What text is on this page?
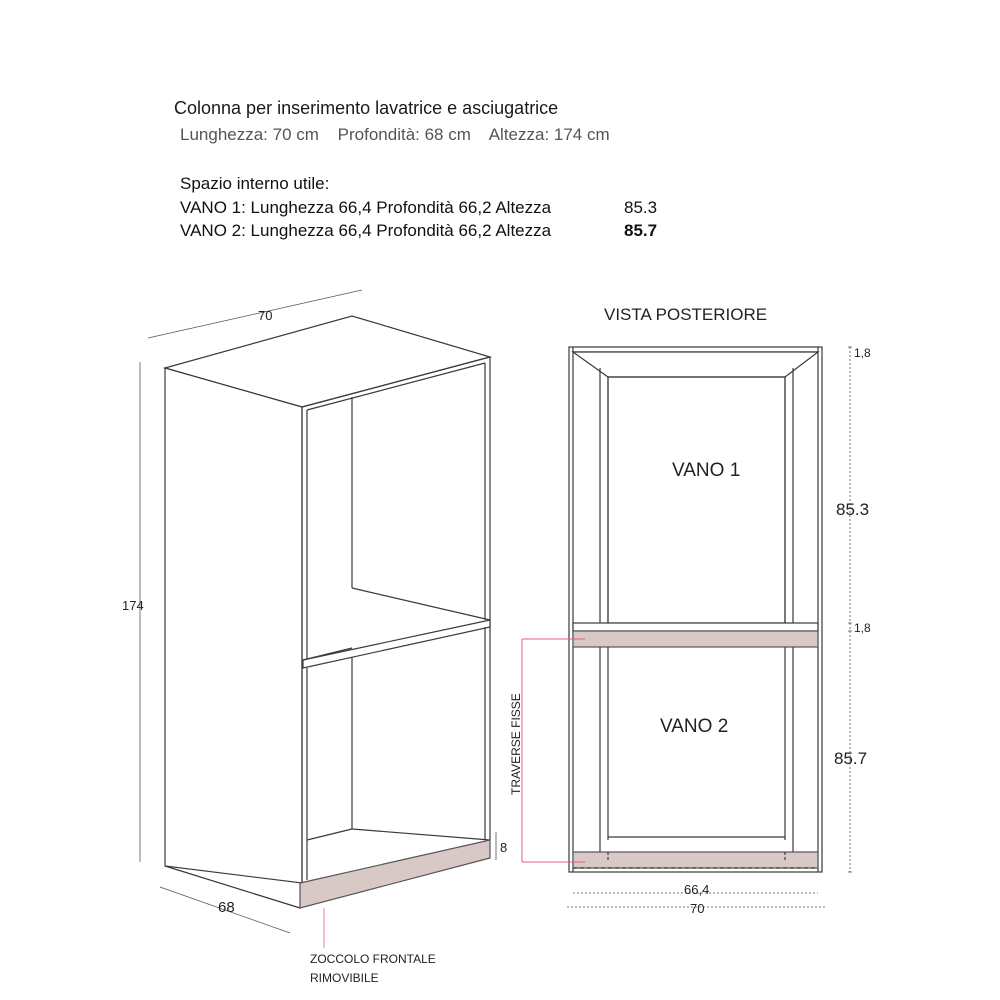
Colonna per inserimento lavatrice e asciugatrice
Lunghezza: 70 cm Profondità: 68 cm Altezza: 174 cm
Spazio interno utile:
VANO 1: Lunghezza 66,4 Profondità 66,2 Altezza	85.3
VANO 2: Lunghezza 66,4 Profondità 66,2 Altezza	85.7
70
174
68
8
ZOCCOLO FRONTALE
RIMOVIBILE
VISTA POSTERIORE
VANO 1
VANO 2
TRAVERSE FISSE
1,8
85.3
1,8
85.7
66,4
70
